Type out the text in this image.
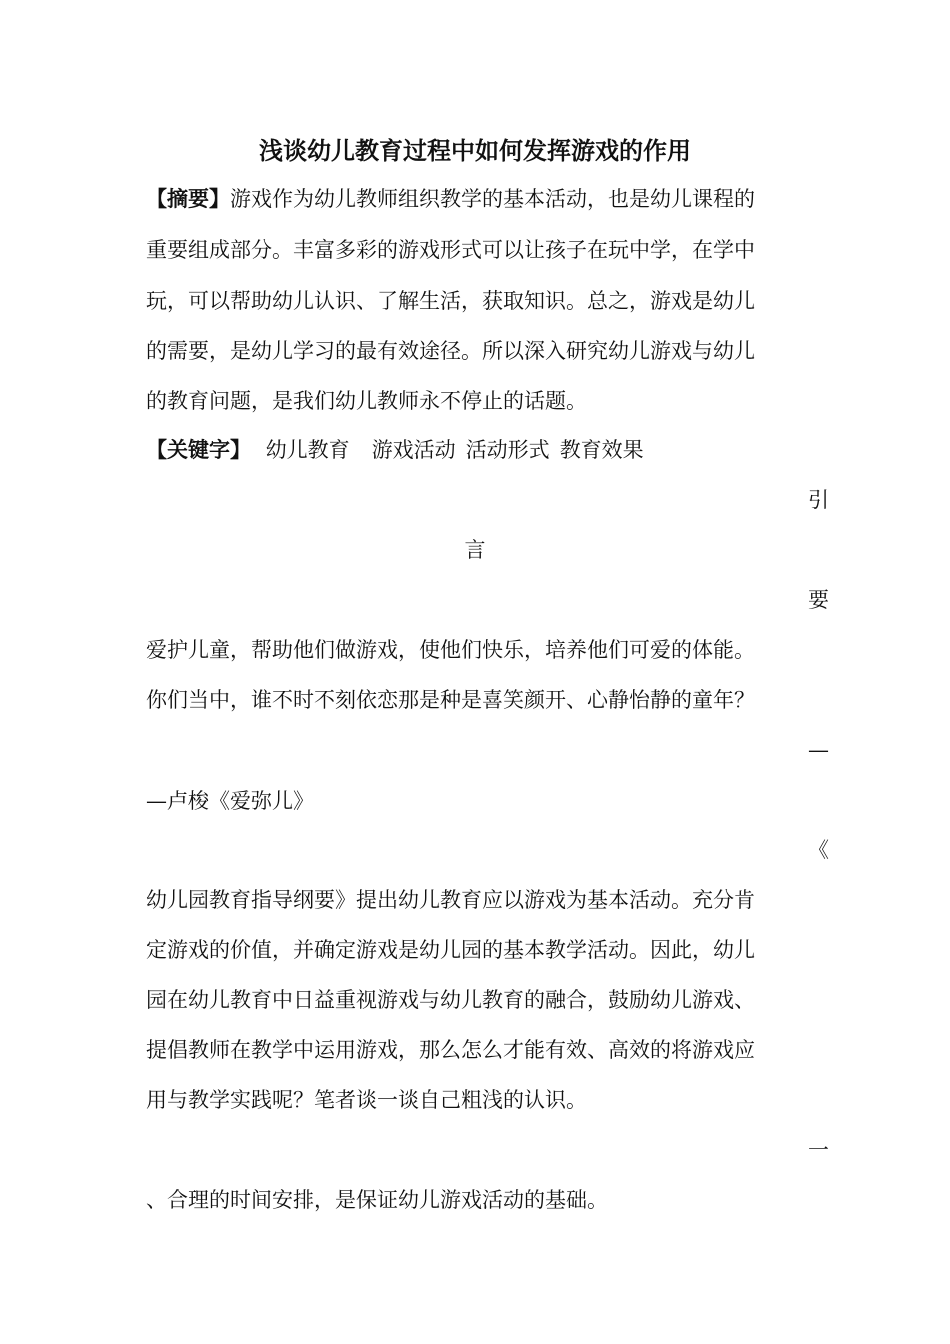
浅谈幼儿教育过程中如何发挥游戏的作用
【摘要】游戏作为幼儿教师组织教学的基本活动，也是幼儿课程的
重要组成部分。丰富多彩的游戏形式可以让孩子在玩中学，在学中
玩，可以帮助幼儿认识、了解生活，获取知识。总之，游戏是幼儿
的需要，是幼儿学习的最有效途径。所以深入研究幼儿游戏与幼儿
的教育问题，是我们幼儿教师永不停止的话题。
【关键字】 幼儿教育 游戏活动 活动形式 教育效果
引
言
要
爱护儿童，帮助他们做游戏，使他们快乐，培养他们可爱的体能。
你们当中，谁不时不刻依恋那是种是喜笑颜开、心静怡静的童年？
—
—卢梭《爱弥儿》
《
幼儿园教育指导纲要》提出幼儿教育应以游戏为基本活动。充分肯
定游戏的价值，并确定游戏是幼儿园的基本教学活动。因此，幼儿
园在幼儿教育中日益重视游戏与幼儿教育的融合，鼓励幼儿游戏、
提倡教师在教学中运用游戏，那么怎么才能有效、高效的将游戏应
用与教学实践呢？笔者谈一谈自己粗浅的认识。
一
、合理的时间安排，是保证幼儿游戏活动的基础。
